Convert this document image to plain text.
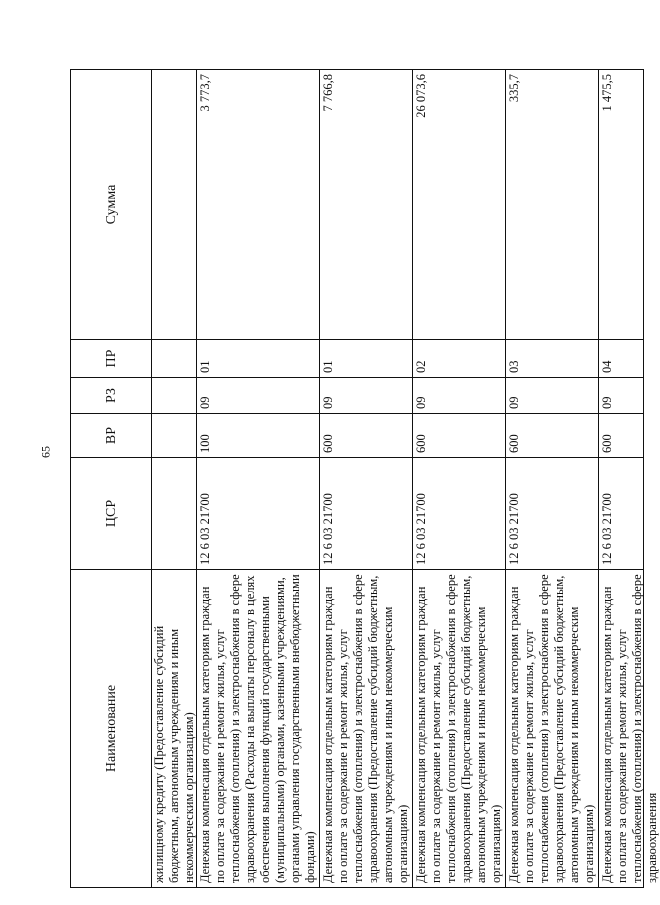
65
Наименование	ЦСР	ВР	РЗ	ПР	Сумма

жилищному кредиту (Предоставление субсидий бюджетным, автономным учреждениям и иным некоммерческим организациям)					

Денежная компенсация отдельным категориям граждан по оплате за содержание и ремонт жилья, услуг теплоснабжения (отопления) и электроснабжения в сфере здравоохранения (Расходы на выплаты персоналу в целях обеспечения выполнения функций государственными (муниципальными) органами, казенными учреждениями, органами управления государственными внебюджетными фондами)	12 6 03 21700	100	09	01	3 773,7
Денежная компенсация отдельным категориям граждан по оплате за содержание и ремонт жилья, услуг теплоснабжения (отопления) и электроснабжения в сфере здравоохранения (Предоставление субсидий бюджетным, автономным учреждениям и иным некоммерческим организациям)	12 6 03 21700	600	09	01	7 766,8
Денежная компенсация отдельным категориям граждан по оплате за содержание и ремонт жилья, услуг теплоснабжения (отопления) и электроснабжения в сфере здравоохранения (Предоставление субсидий бюджетным, автономным учреждениям и иным некоммерческим организациям)	12 6 03 21700	600	09	02	26 073,6
Денежная компенсация отдельным категориям граждан по оплате за содержание и ремонт жилья, услуг теплоснабжения (отопления) и электроснабжения в сфере здравоохранения (Предоставление субсидий бюджетным, автономным учреждениям и иным некоммерческим организациям)	12 6 03 21700	600	09	03	335,7

Денежная компенсация отдельным категориям граждан по оплате за содержание и ремонт жилья, услуг теплоснабжения (отопления) и электроснабжения в сфере здравоохранения	12 6 03 21700	600	09	04	1 475,5
